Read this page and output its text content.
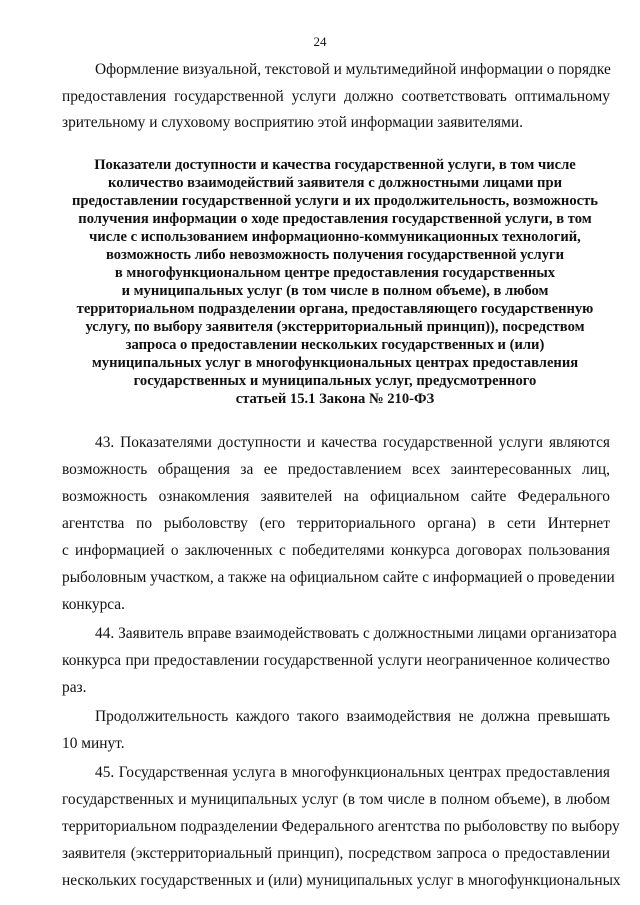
24
Оформление визуальной, текстовой и мультимедийной информации о порядке
предоставления государственной услуги должно соответствовать оптимальному
зрительному и слуховому восприятию этой информации заявителями.
Показатели доступности и качества государственной услуги, в том числе
количество взаимодействий заявителя с должностными лицами при
предоставлении государственной услуги и их продолжительность, возможность
получения информации о ходе предоставления государственной услуги, в том
числе с использованием информационно-коммуникационных технологий,
возможность либо невозможность получения государственной услуги
в многофункциональном центре предоставления государственных
и муниципальных услуг (в том числе в полном объеме), в любом
территориальном подразделении органа, предоставляющего государственную
услугу, по выбору заявителя (экстерриториальный принцип)), посредством
запроса о предоставлении нескольких государственных и (или)
муниципальных услуг в многофункциональных центрах предоставления
государственных и муниципальных услуг, предусмотренного
статьей 15.1 Закона № 210-ФЗ
43. Показателями доступности и качества государственной услуги являются
возможность обращения за ее предоставлением всех заинтересованных лиц,
возможность ознакомления заявителей на официальном сайте Федерального
агентства по рыболовству (его территориального органа) в сети Интернет
с информацией о заключенных с победителями конкурса договорах пользования
рыболовным участком, а также на официальном сайте с информацией о проведении
конкурса.
44. Заявитель вправе взаимодействовать с должностными лицами организатора
конкурса при предоставлении государственной услуги неограниченное количество
раз.
Продолжительность каждого такого взаимодействия не должна превышать
10 минут.
45. Государственная услуга в многофункциональных центрах предоставления
государственных и муниципальных услуг (в том числе в полном объеме), в любом
территориальном подразделении Федерального агентства по рыболовству по выбору
заявителя (экстерриториальный принцип), посредством запроса о предоставлении
нескольких государственных и (или) муниципальных услуг в многофункциональных
